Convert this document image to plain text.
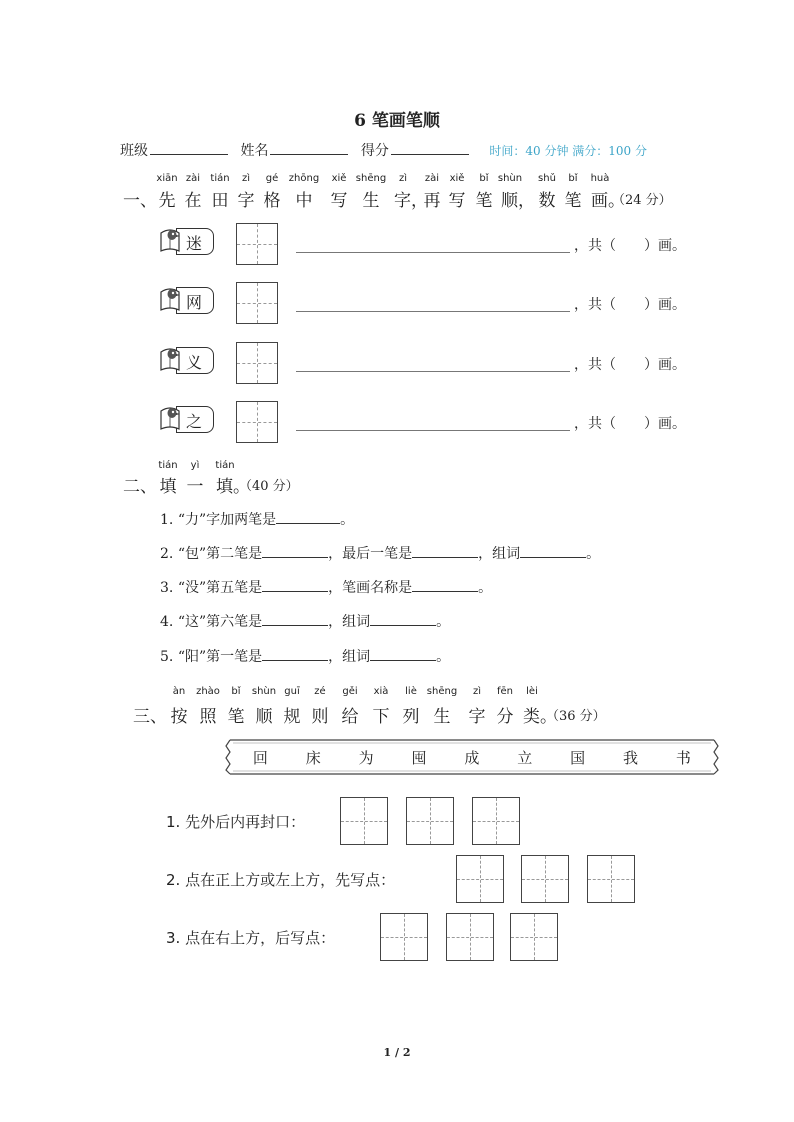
6 笔画笔顺
班级	姓名	得分	时间：40 分钟 满分：100 分
xiān zài tián zì gé zhōng xiě shēng zì zài xiě bǐ shùn shǔ bǐ huà
一、 先 在 田 字 格 中 写 生 字，
再 写 笔 顺， 数 笔 画。
（24 分）
迷	，共（　　）画。
网	，共（　　）画。
义	，共（　　）画。
之	，共（　　）画。
tián yì tián
二、 填 一 填。
（40 分）
1. “力”字加两笔是	。
2. “包”第二笔是	，最后一笔是	，组词	。
3. “没”第五笔是	，笔画名称是	。
4. “这”第六笔是	，组词	。
5. “阳”第一笔是	，组词	。
àn zhào bǐ shùn guī zé gěi xià liè shēng zì fēn lèi
三、 按 照 笔 顺 规 则 给 下 列 生 字 分 类。
（36 分）
回	床	为	囤	成	立	国	我	书
1. 先外后内再封口：
2. 点在正上方或左上方，先写点：
3. 点在右上方，后写点：
1 / 2
